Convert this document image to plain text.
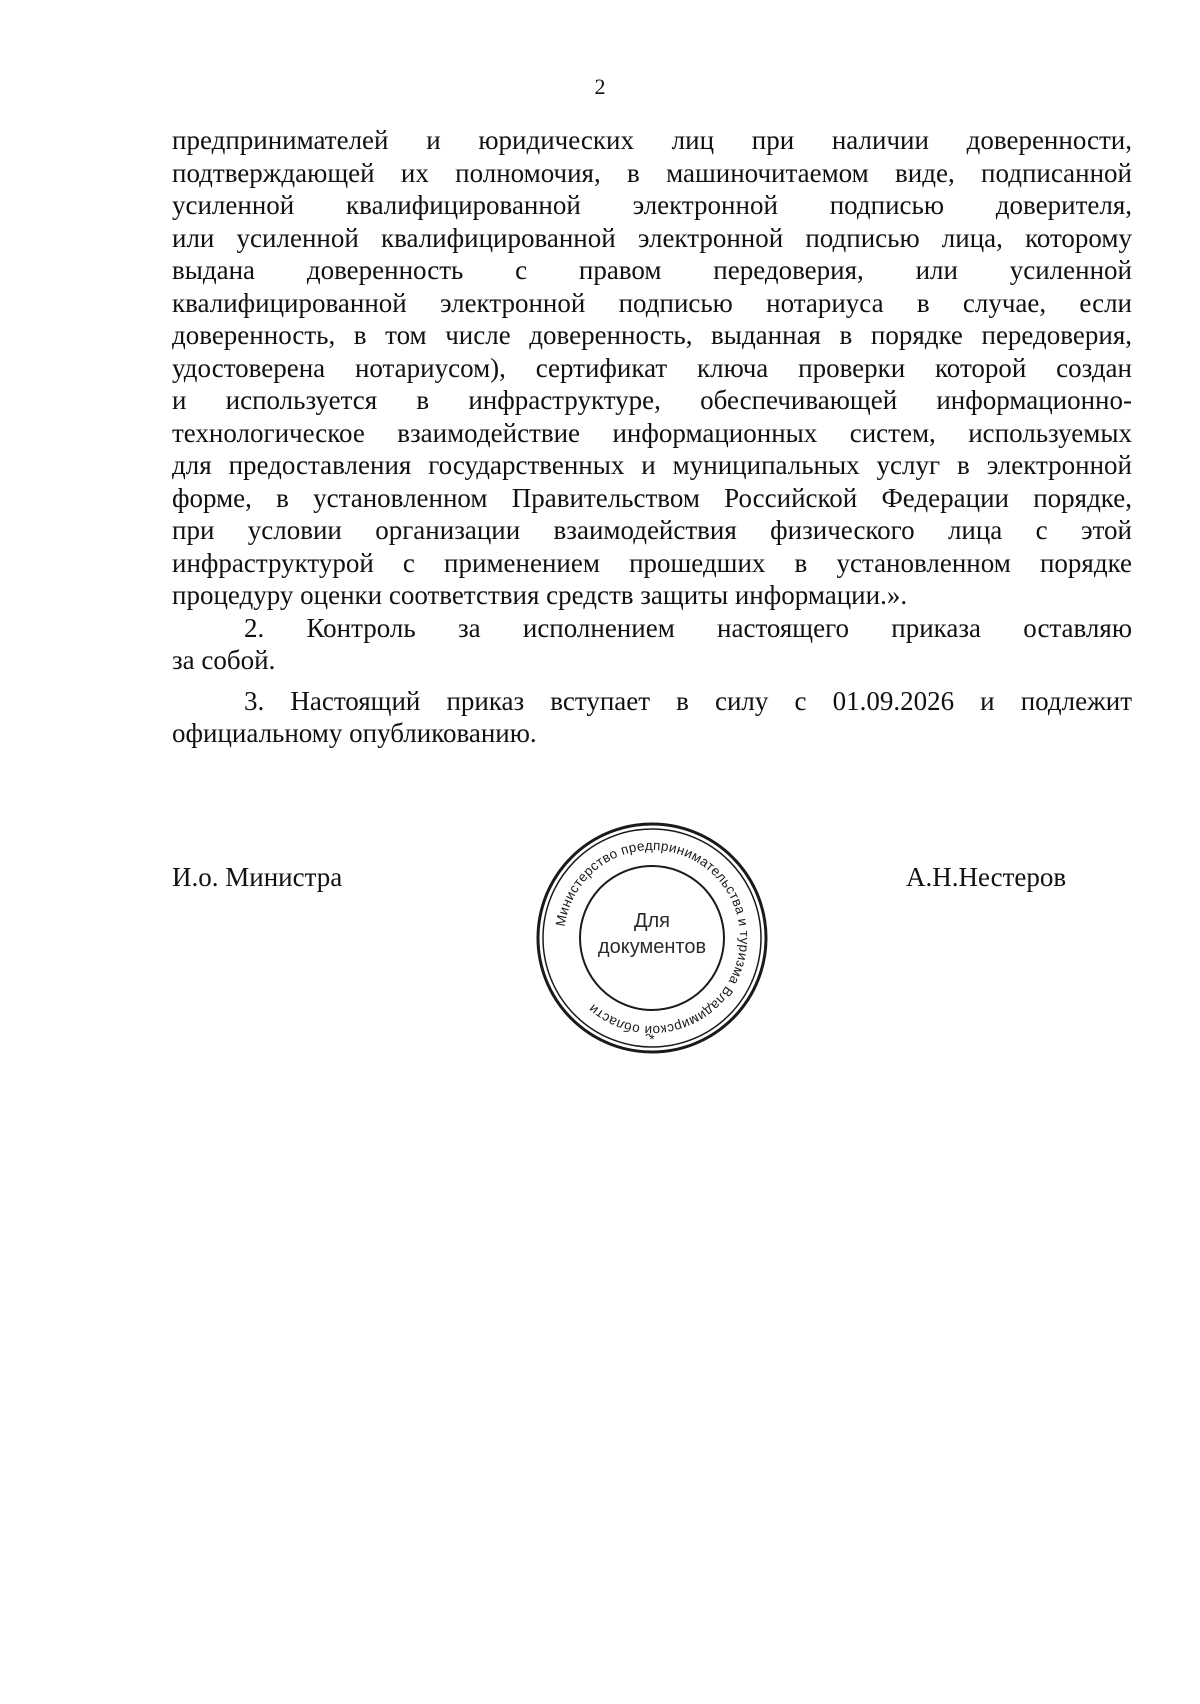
2
предпринимателей и юридических лиц при наличии доверенности,
подтверждающей их полномочия, в машиночитаемом виде, подписанной
усиленной квалифицированной электронной подписью доверителя,
или усиленной квалифицированной электронной подписью лица, которому
выдана доверенность с правом передоверия, или усиленной
квалифицированной электронной подписью нотариуса в случае, если
доверенность, в том числе доверенность, выданная в порядке передоверия,
удостоверена нотариусом), сертификат ключа проверки которой создан
и используется в инфраструктуре, обеспечивающей информационно-
технологическое взаимодействие информационных систем, используемых
для предоставления государственных и муниципальных услуг в электронной
форме, в установленном Правительством Российской Федерации порядке,
при условии организации взаимодействия физического лица с этой
инфраструктурой с применением прошедших в установленном порядке
процедуру оценки соответствия средств защиты информации.».
2. Контроль за исполнением настоящего приказа оставляю
за собой.
3. Настоящий приказ вступает в силу с 01.09.2026 и подлежит
официальному опубликованию.
И.о. Министра	А.Н.Нестеров
Министерство предпринимательства и туризма Владимирской области
*
Для
документов
